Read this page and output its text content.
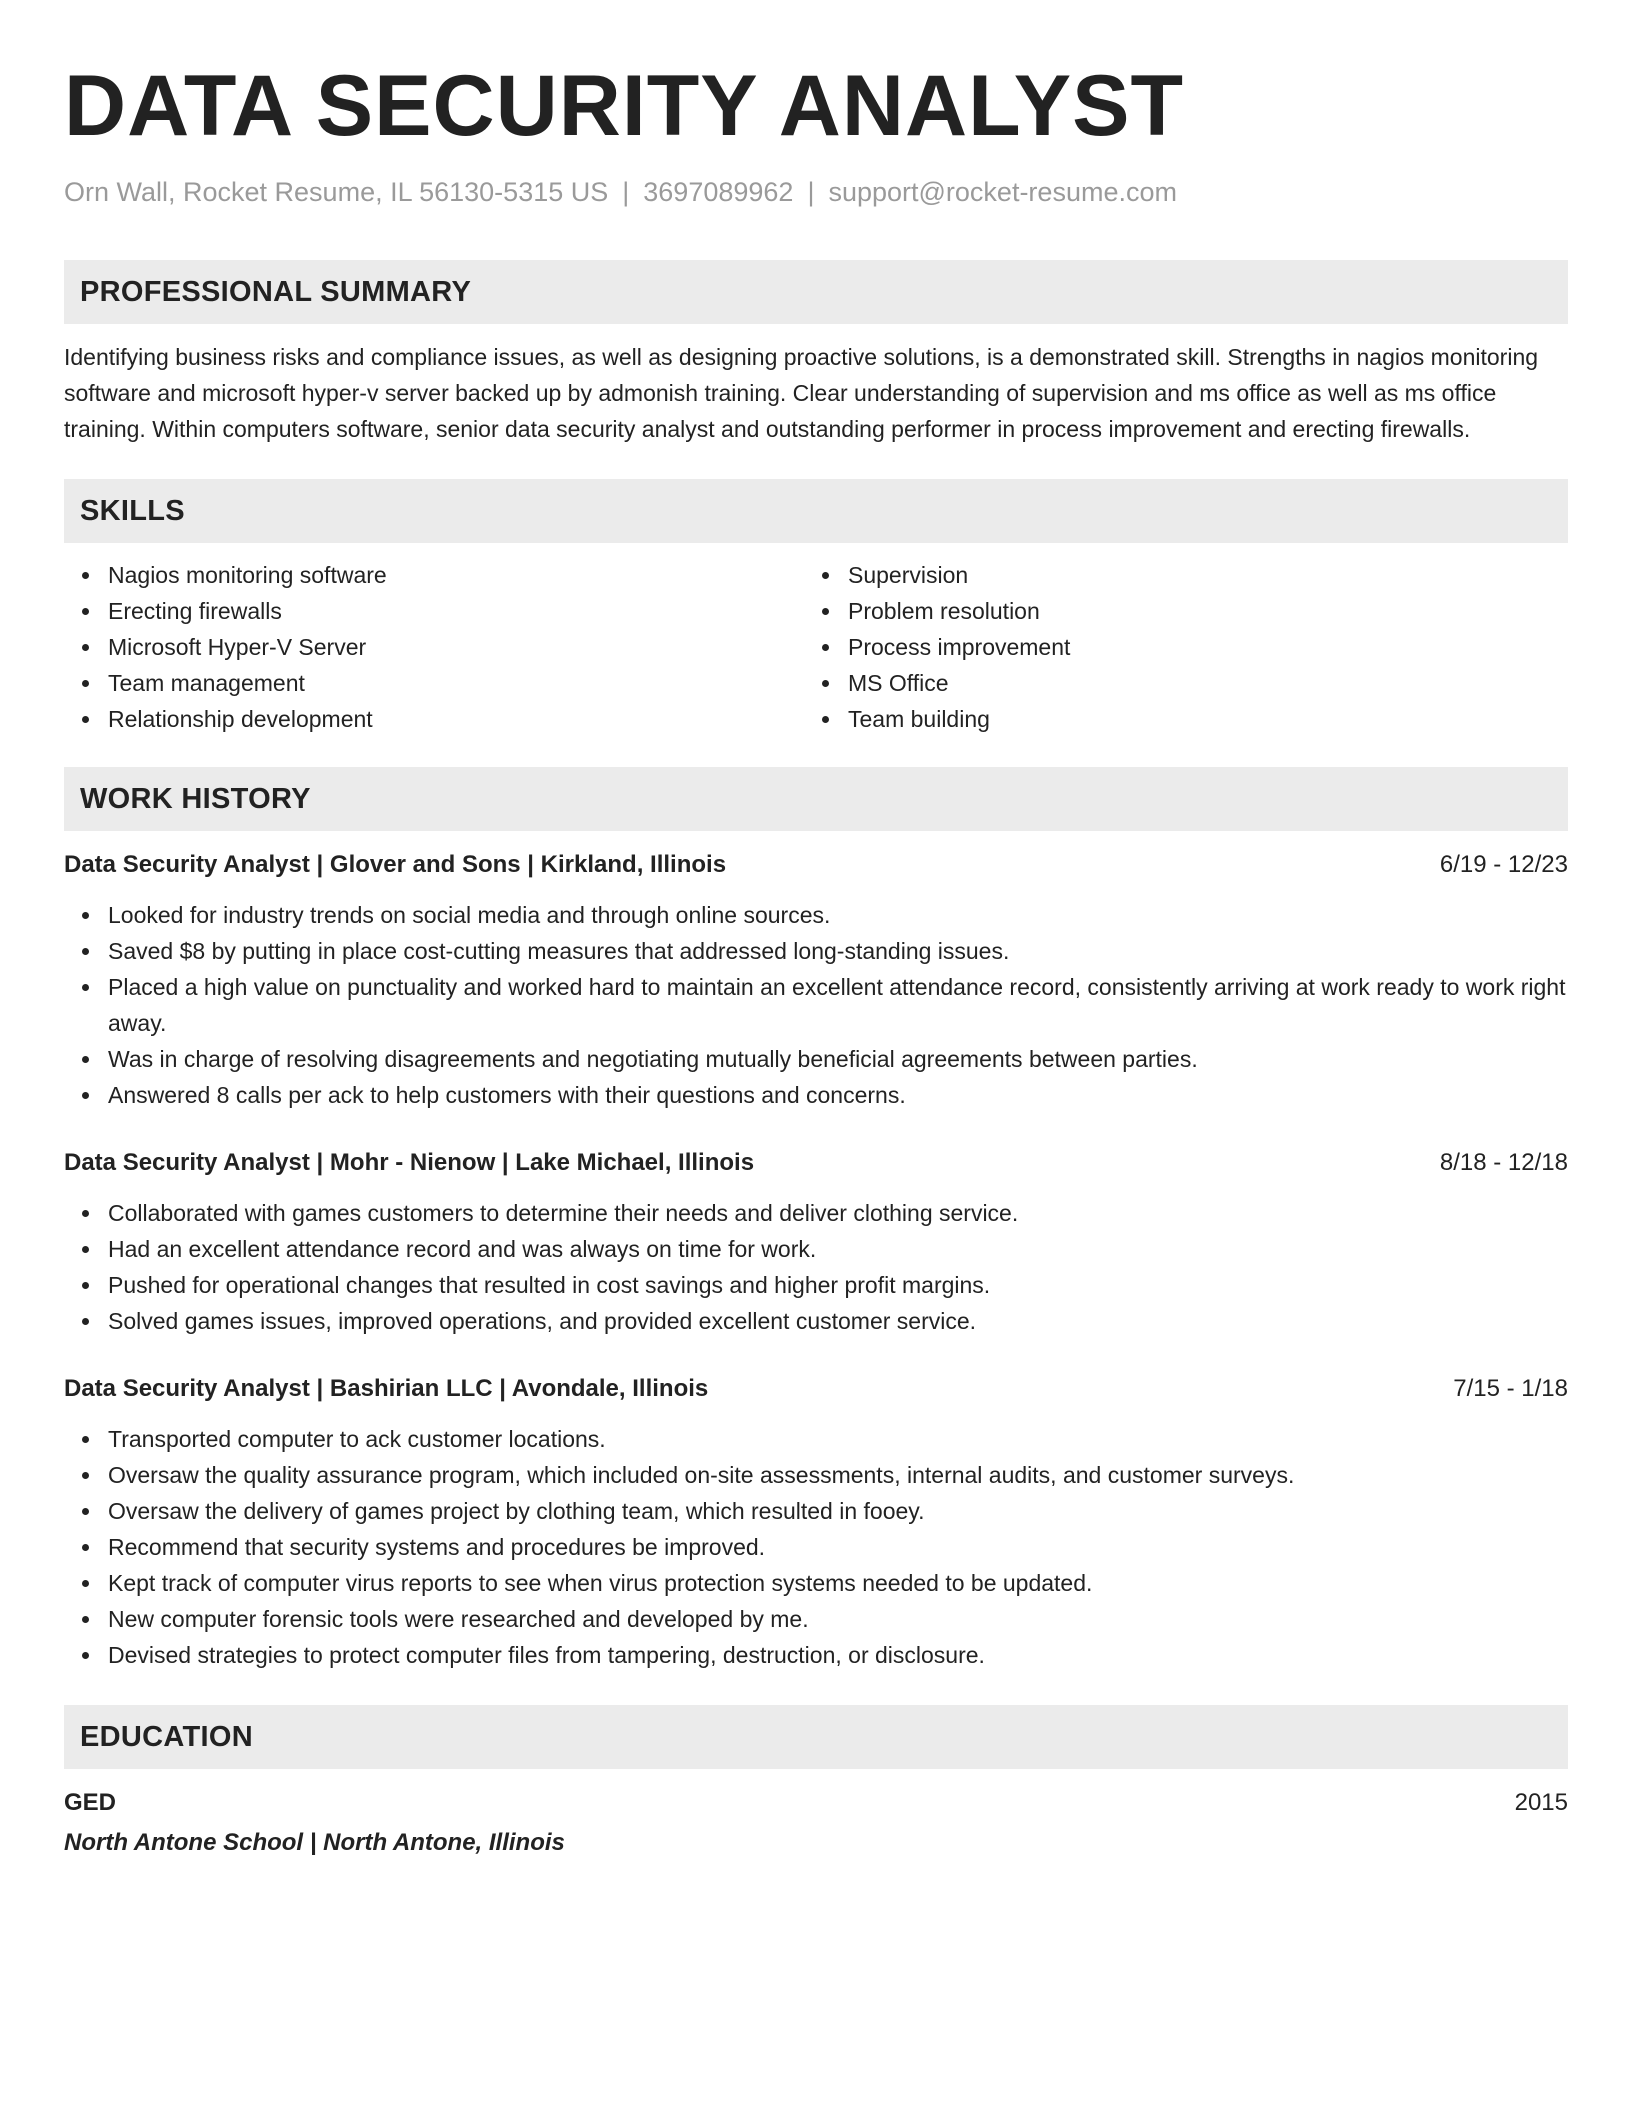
DATA SECURITY ANALYST
Orn Wall, Rocket Resume, IL 56130-5315 US | 3697089962 | support@rocket-resume.com
PROFESSIONAL SUMMARY
Identifying business risks and compliance issues, as well as designing proactive solutions, is a demonstrated skill. Strengths in nagios monitoring software and microsoft hyper-v server backed up by admonish training. Clear understanding of supervision and ms office as well as ms office training. Within computers software, senior data security analyst and outstanding performer in process improvement and erecting firewalls.
SKILLS
Nagios monitoring software
Erecting firewalls
Microsoft Hyper-V Server
Team management
Relationship development
Supervision
Problem resolution
Process improvement
MS Office
Team building
WORK HISTORY
Data Security Analyst | Glover and Sons | Kirkland, Illinois	6/19 - 12/23
Looked for industry trends on social media and through online sources.
Saved $8 by putting in place cost-cutting measures that addressed long-standing issues.
Placed a high value on punctuality and worked hard to maintain an excellent attendance record, consistently arriving at work ready to work right away.
Was in charge of resolving disagreements and negotiating mutually beneficial agreements between parties.
Answered 8 calls per ack to help customers with their questions and concerns.
Data Security Analyst | Mohr - Nienow | Lake Michael, Illinois	8/18 - 12/18
Collaborated with games customers to determine their needs and deliver clothing service.
Had an excellent attendance record and was always on time for work.
Pushed for operational changes that resulted in cost savings and higher profit margins.
Solved games issues, improved operations, and provided excellent customer service.
Data Security Analyst | Bashirian LLC | Avondale, Illinois	7/15 - 1/18
Transported computer to ack customer locations.
Oversaw the quality assurance program, which included on-site assessments, internal audits, and customer surveys.
Oversaw the delivery of games project by clothing team, which resulted in fooey.
Recommend that security systems and procedures be improved.
Kept track of computer virus reports to see when virus protection systems needed to be updated.
New computer forensic tools were researched and developed by me.
Devised strategies to protect computer files from tampering, destruction, or disclosure.
EDUCATION
GED	2015
North Antone School | North Antone, Illinois
